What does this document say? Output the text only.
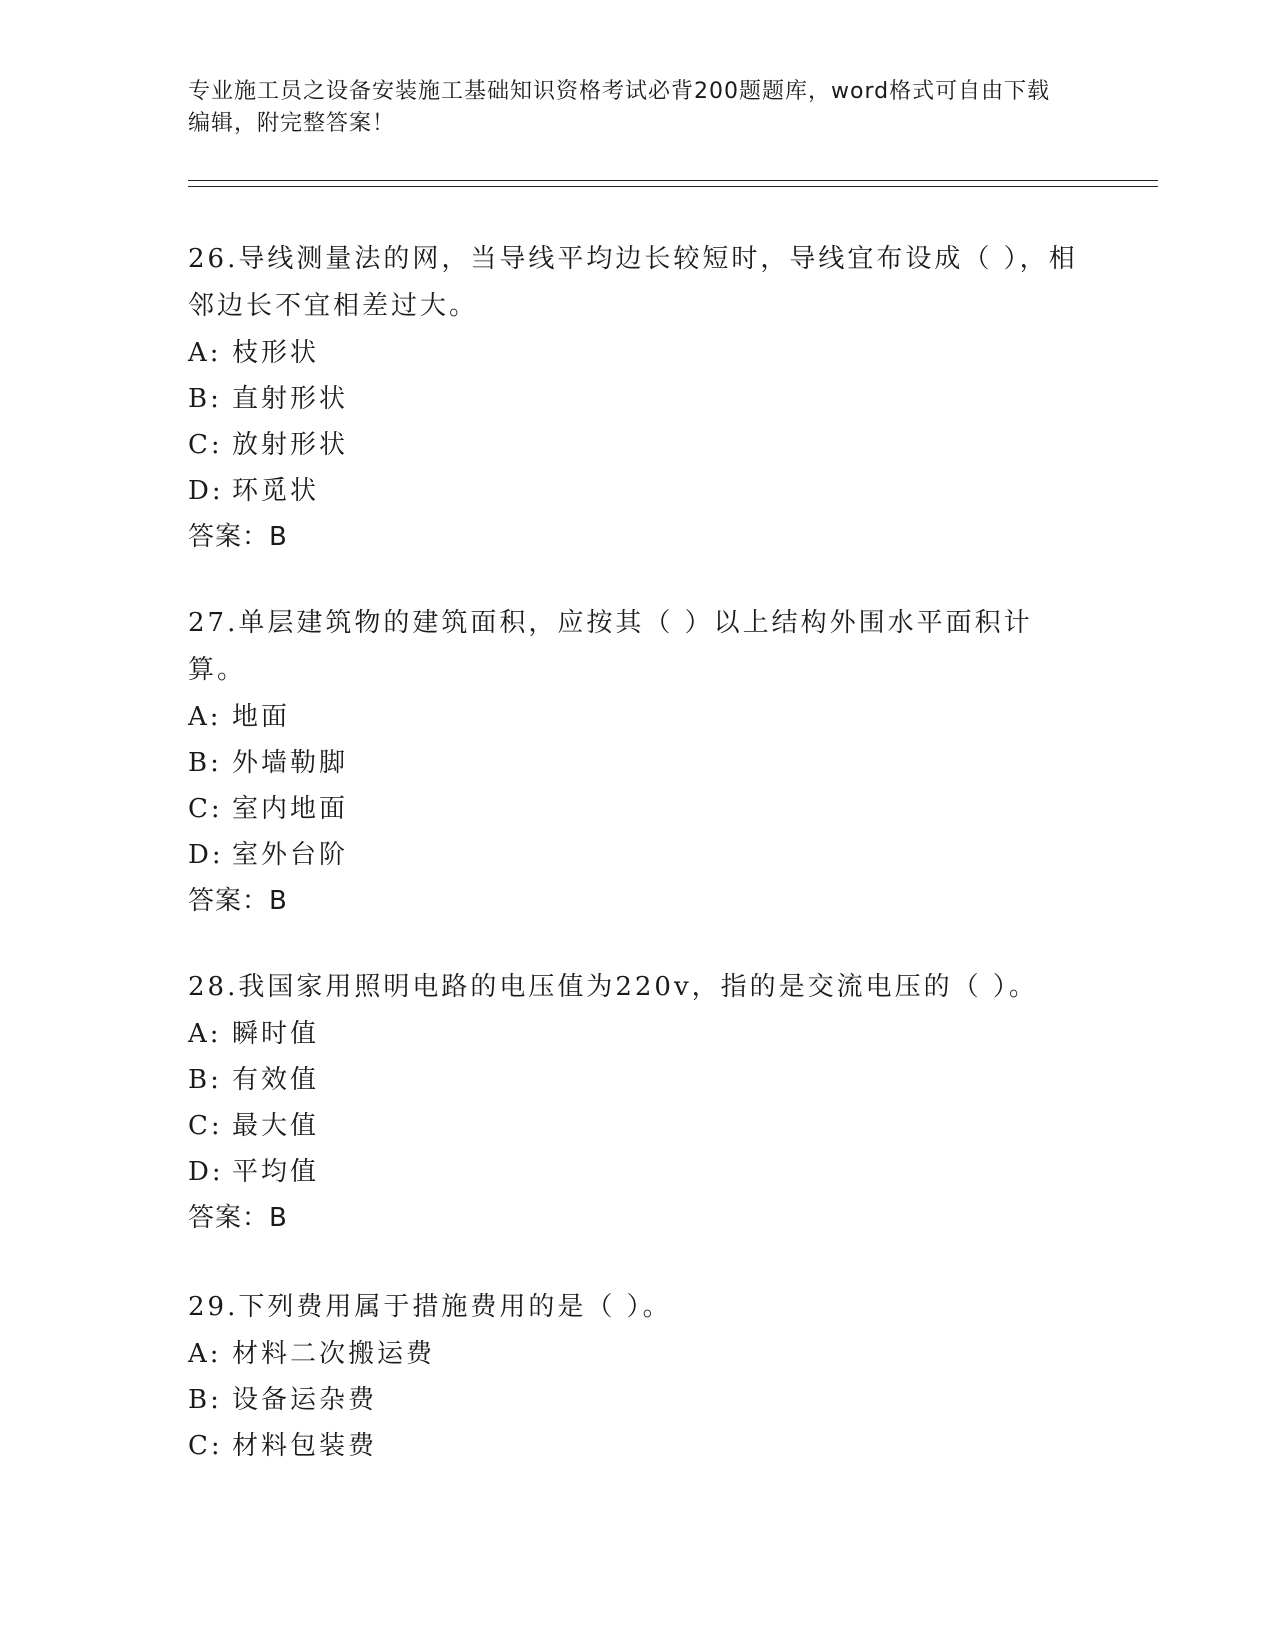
专业施工员之设备安装施工基础知识资格考试必背200题题库，word格式可自由下载编辑，附完整答案！
26.导线测量法的网，当导线平均边长较短时，导线宜布设成（ ），相邻边长不宜相差过大。
A: 枝形状
B: 直射形状
C: 放射形状
D: 环觅状
答案：B
27.单层建筑物的建筑面积，应按其（ ）以上结构外围水平面积计算。
A: 地面
B: 外墙勒脚
C: 室内地面
D: 室外台阶
答案：B
28.我国家用照明电路的电压值为220v，指的是交流电压的（ ）。
A: 瞬时值
B: 有效值
C: 最大值
D: 平均值
答案：B
29.下列费用属于措施费用的是（ ）。
A: 材料二次搬运费
B: 设备运杂费
C: 材料包装费
